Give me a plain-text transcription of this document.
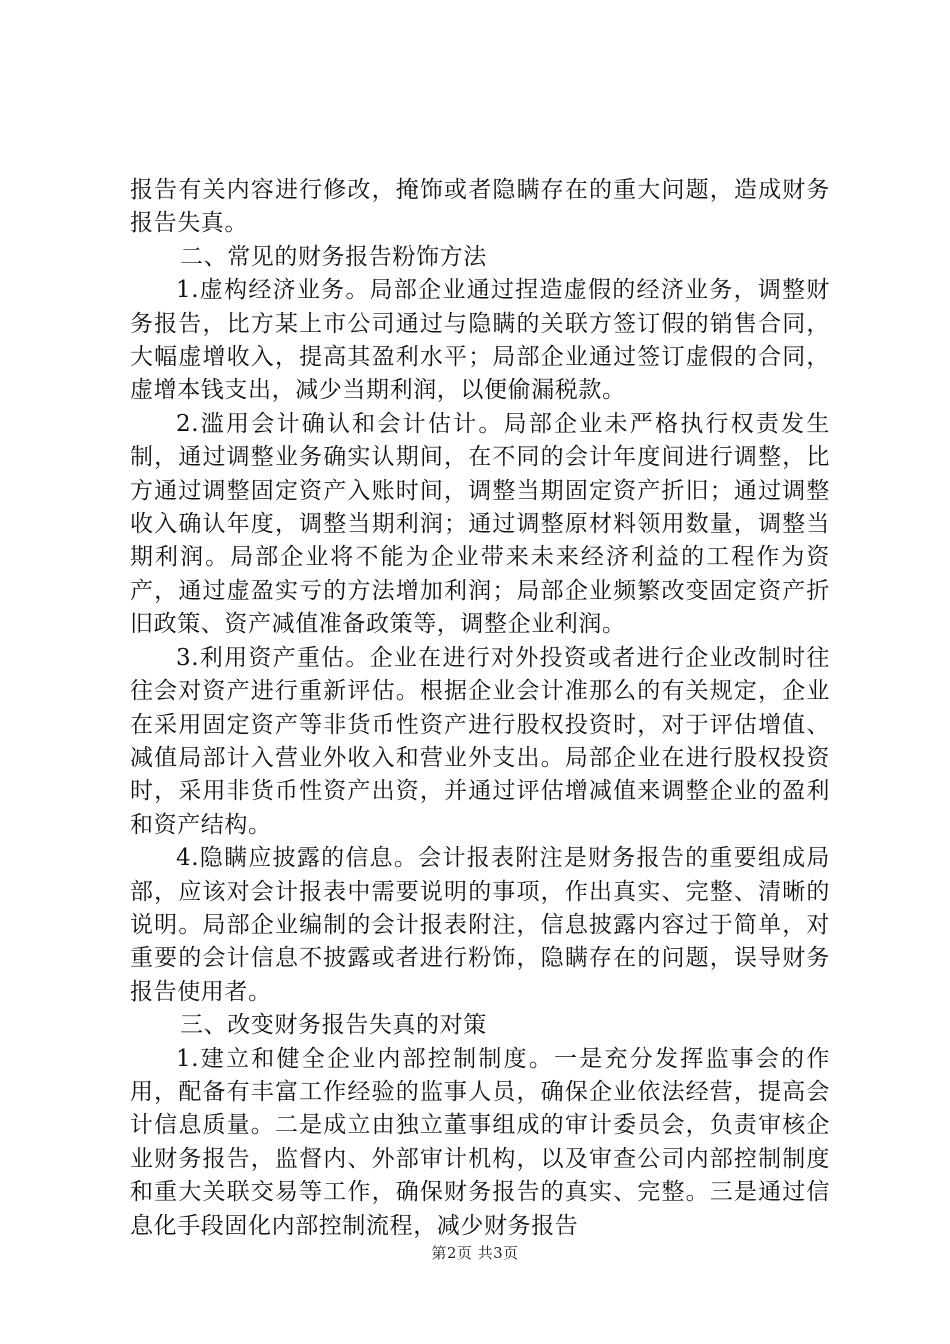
报告有关内容进行修改，掩饰或者隐瞒存在的重大问题，造成财务报告失真。

二、常见的财务报告粉饰方法

1.虚构经济业务。局部企业通过捏造虚假的经济业务，调整财务报告，比方某上市公司通过与隐瞒的关联方签订假的销售合同，大幅虚增收入，提高其盈利水平；局部企业通过签订虚假的合同，虚增本钱支出，减少当期利润，以便偷漏税款。

2.滥用会计确认和会计估计。局部企业未严格执行权责发生制，通过调整业务确实认期间，在不同的会计年度间进行调整，比方通过调整固定资产入账时间，调整当期固定资产折旧；通过调整收入确认年度，调整当期利润；通过调整原材料领用数量，调整当期利润。局部企业将不能为企业带来未来经济利益的工程作为资产，通过虚盈实亏的方法增加利润；局部企业频繁改变固定资产折旧政策、资产减值准备政策等，调整企业利润。

3.利用资产重估。企业在进行对外投资或者进行企业改制时往往会对资产进行重新评估。根据企业会计准那么的有关规定，企业在采用固定资产等非货币性资产进行股权投资时，对于评估增值、减值局部计入营业外收入和营业外支出。局部企业在进行股权投资时，采用非货币性资产出资，并通过评估增减值来调整企业的盈利和资产结构。

4.隐瞒应披露的信息。会计报表附注是财务报告的重要组成局部，应该对会计报表中需要说明的事项，作出真实、完整、清晰的说明。局部企业编制的会计报表附注，信息披露内容过于简单，对重要的会计信息不披露或者进行粉饰，隐瞒存在的问题，误导财务报告使用者。

三、改变财务报告失真的对策

1.建立和健全企业内部控制制度。一是充分发挥监事会的作用，配备有丰富工作经验的监事人员，确保企业依法经营，提高会计信息质量。二是成立由独立董事组成的审计委员会，负责审核企业财务报告，监督内、外部审计机构，以及审查公司内部控制制度和重大关联交易等工作，确保财务报告的真实、完整。三是通过信息化手段固化内部控制流程，减少财务报告

第2页 共3页
